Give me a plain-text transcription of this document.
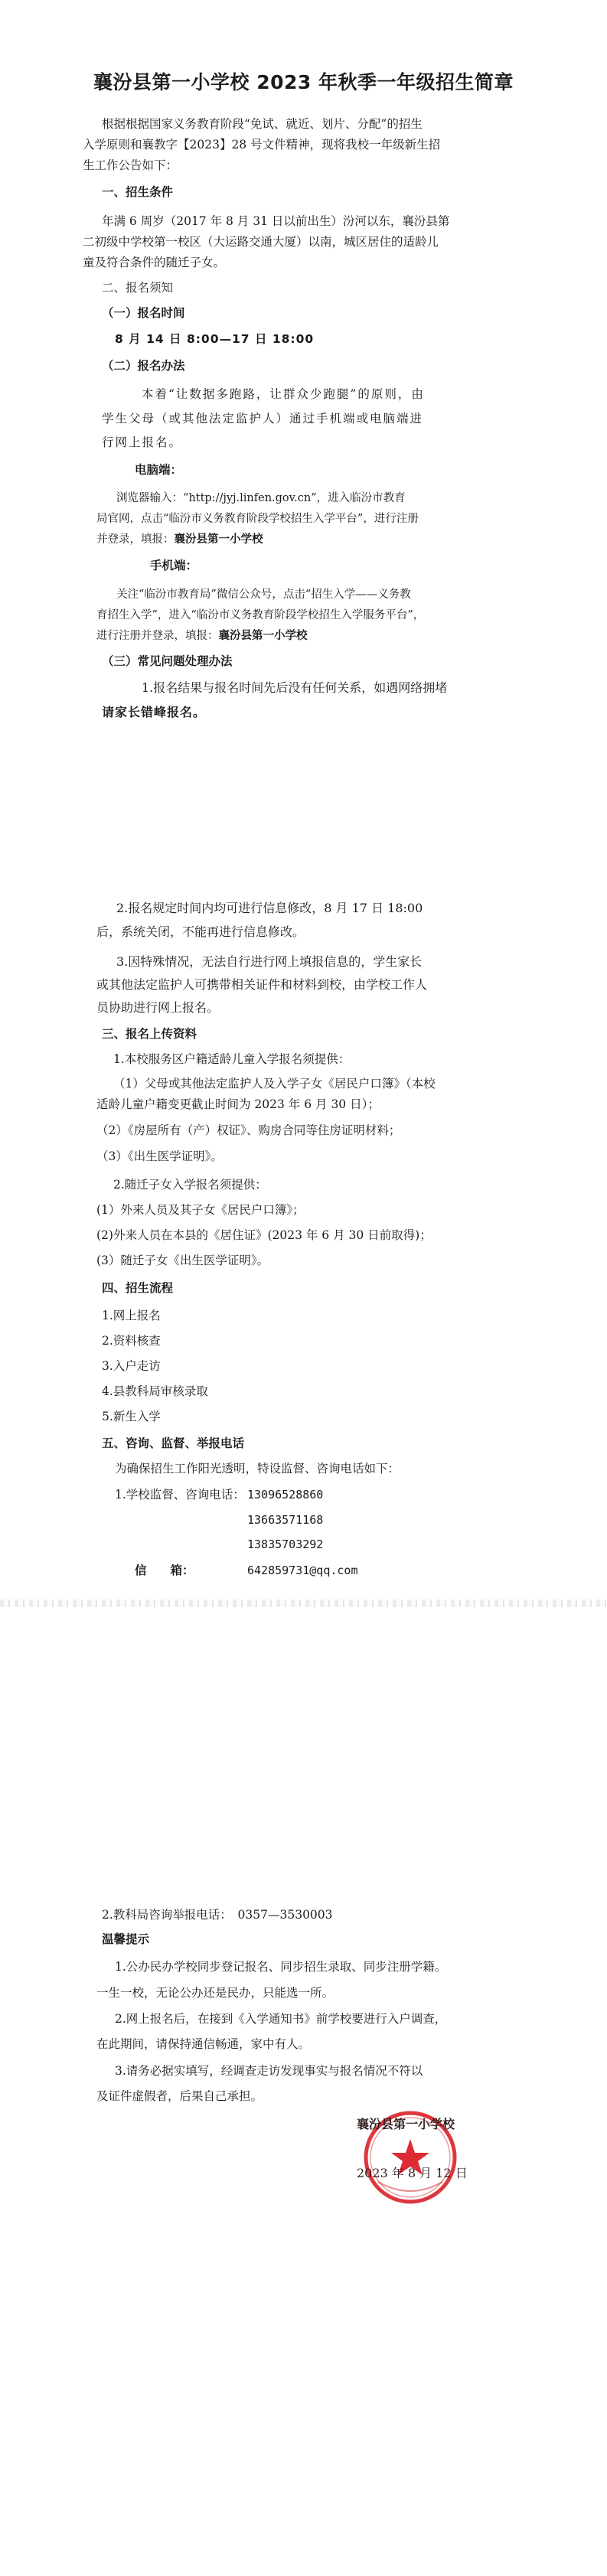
襄汾县第一小学校 2023 年秋季一年级招生简章
根据根据国家义务教育阶段“免试、就近、划片、分配”的招生
入学原则和襄教字【2023】28 号文件精神，现将我校一年级新生招
生工作公告如下：
一、招生条件
年满 6 周岁（2017 年 8 月 31 日以前出生）汾河以东，襄汾县第
二初级中学校第一校区（大运路交通大厦）以南，城区居住的适龄儿
童及符合条件的随迁子女。
二、报名须知
（一）报名时间
8 月 14 日 8:00—17 日 18:00
（二）报名办法
本着“让数据多跑路，让群众少跑腿”的原则，由
学生父母（或其他法定监护人）通过手机端或电脑端进
行网上报名。
电脑端：
浏览器输入：“http://jyj.linfen.gov.cn”，进入临汾市教育
局官网，点击“临汾市义务教育阶段学校招生入学平台”，进行注册
并登录，填报：襄汾县第一小学校
手机端：
关注“临汾市教育局”微信公众号，点击“招生入学——义务教
育招生入学”，进入“临汾市义务教育阶段学校招生入学服务平台”，
进行注册并登录，填报：襄汾县第一小学校
（三）常见问题处理办法
1.报名结果与报名时间先后没有任何关系，如遇网络拥堵
请家长错峰报名。
2.报名规定时间内均可进行信息修改，8 月 17 日 18:00
后，系统关闭，不能再进行信息修改。
3.因特殊情况，无法自行进行网上填报信息的，学生家长
或其他法定监护人可携带相关证件和材料到校，由学校工作人
员协助进行网上报名。
三、报名上传资料
1.本校服务区户籍适龄儿童入学报名须提供：
（1）父母或其他法定监护人及入学子女《居民户口簿》（本校
适龄儿童户籍变更截止时间为 2023 年 6 月 30 日）；
（2）《房屋所有（产）权证》、购房合同等住房证明材料；
（3）《出生医学证明》。
2.随迁子女入学报名须提供：
(1）外来人员及其子女《居民户口簿》；
(2)外来人员在本县的《居住证》(2023 年 6 月 30 日前取得)；
(3）随迁子女《出生医学证明》。
四、招生流程
1.网上报名
2.资料核查
3.入户走访
4.县教科局审核录取
5.新生入学
五、咨询、监督、举报电话
为确保招生工作阳光透明，特设监督、咨询电话如下：
1.学校监督、咨询电话： 13096528860
13663571168
13835703292
信　　箱：	642859731@qq.com
2.教科局咨询举报电话：　0357—3530003
温馨提示
1.公办民办学校同步登记报名、同步招生录取、同步注册学籍。
一生一校，无论公办还是民办，只能选一所。
2.网上报名后，在接到《入学通知书》前学校要进行入户调查，
在此期间，请保持通信畅通，家中有人。
3.请务必据实填写，经调查走访发现事实与报名情况不符以
及证件虚假者，后果自己承担。
襄汾县第一小学校
2023 年 8 月 12 日
